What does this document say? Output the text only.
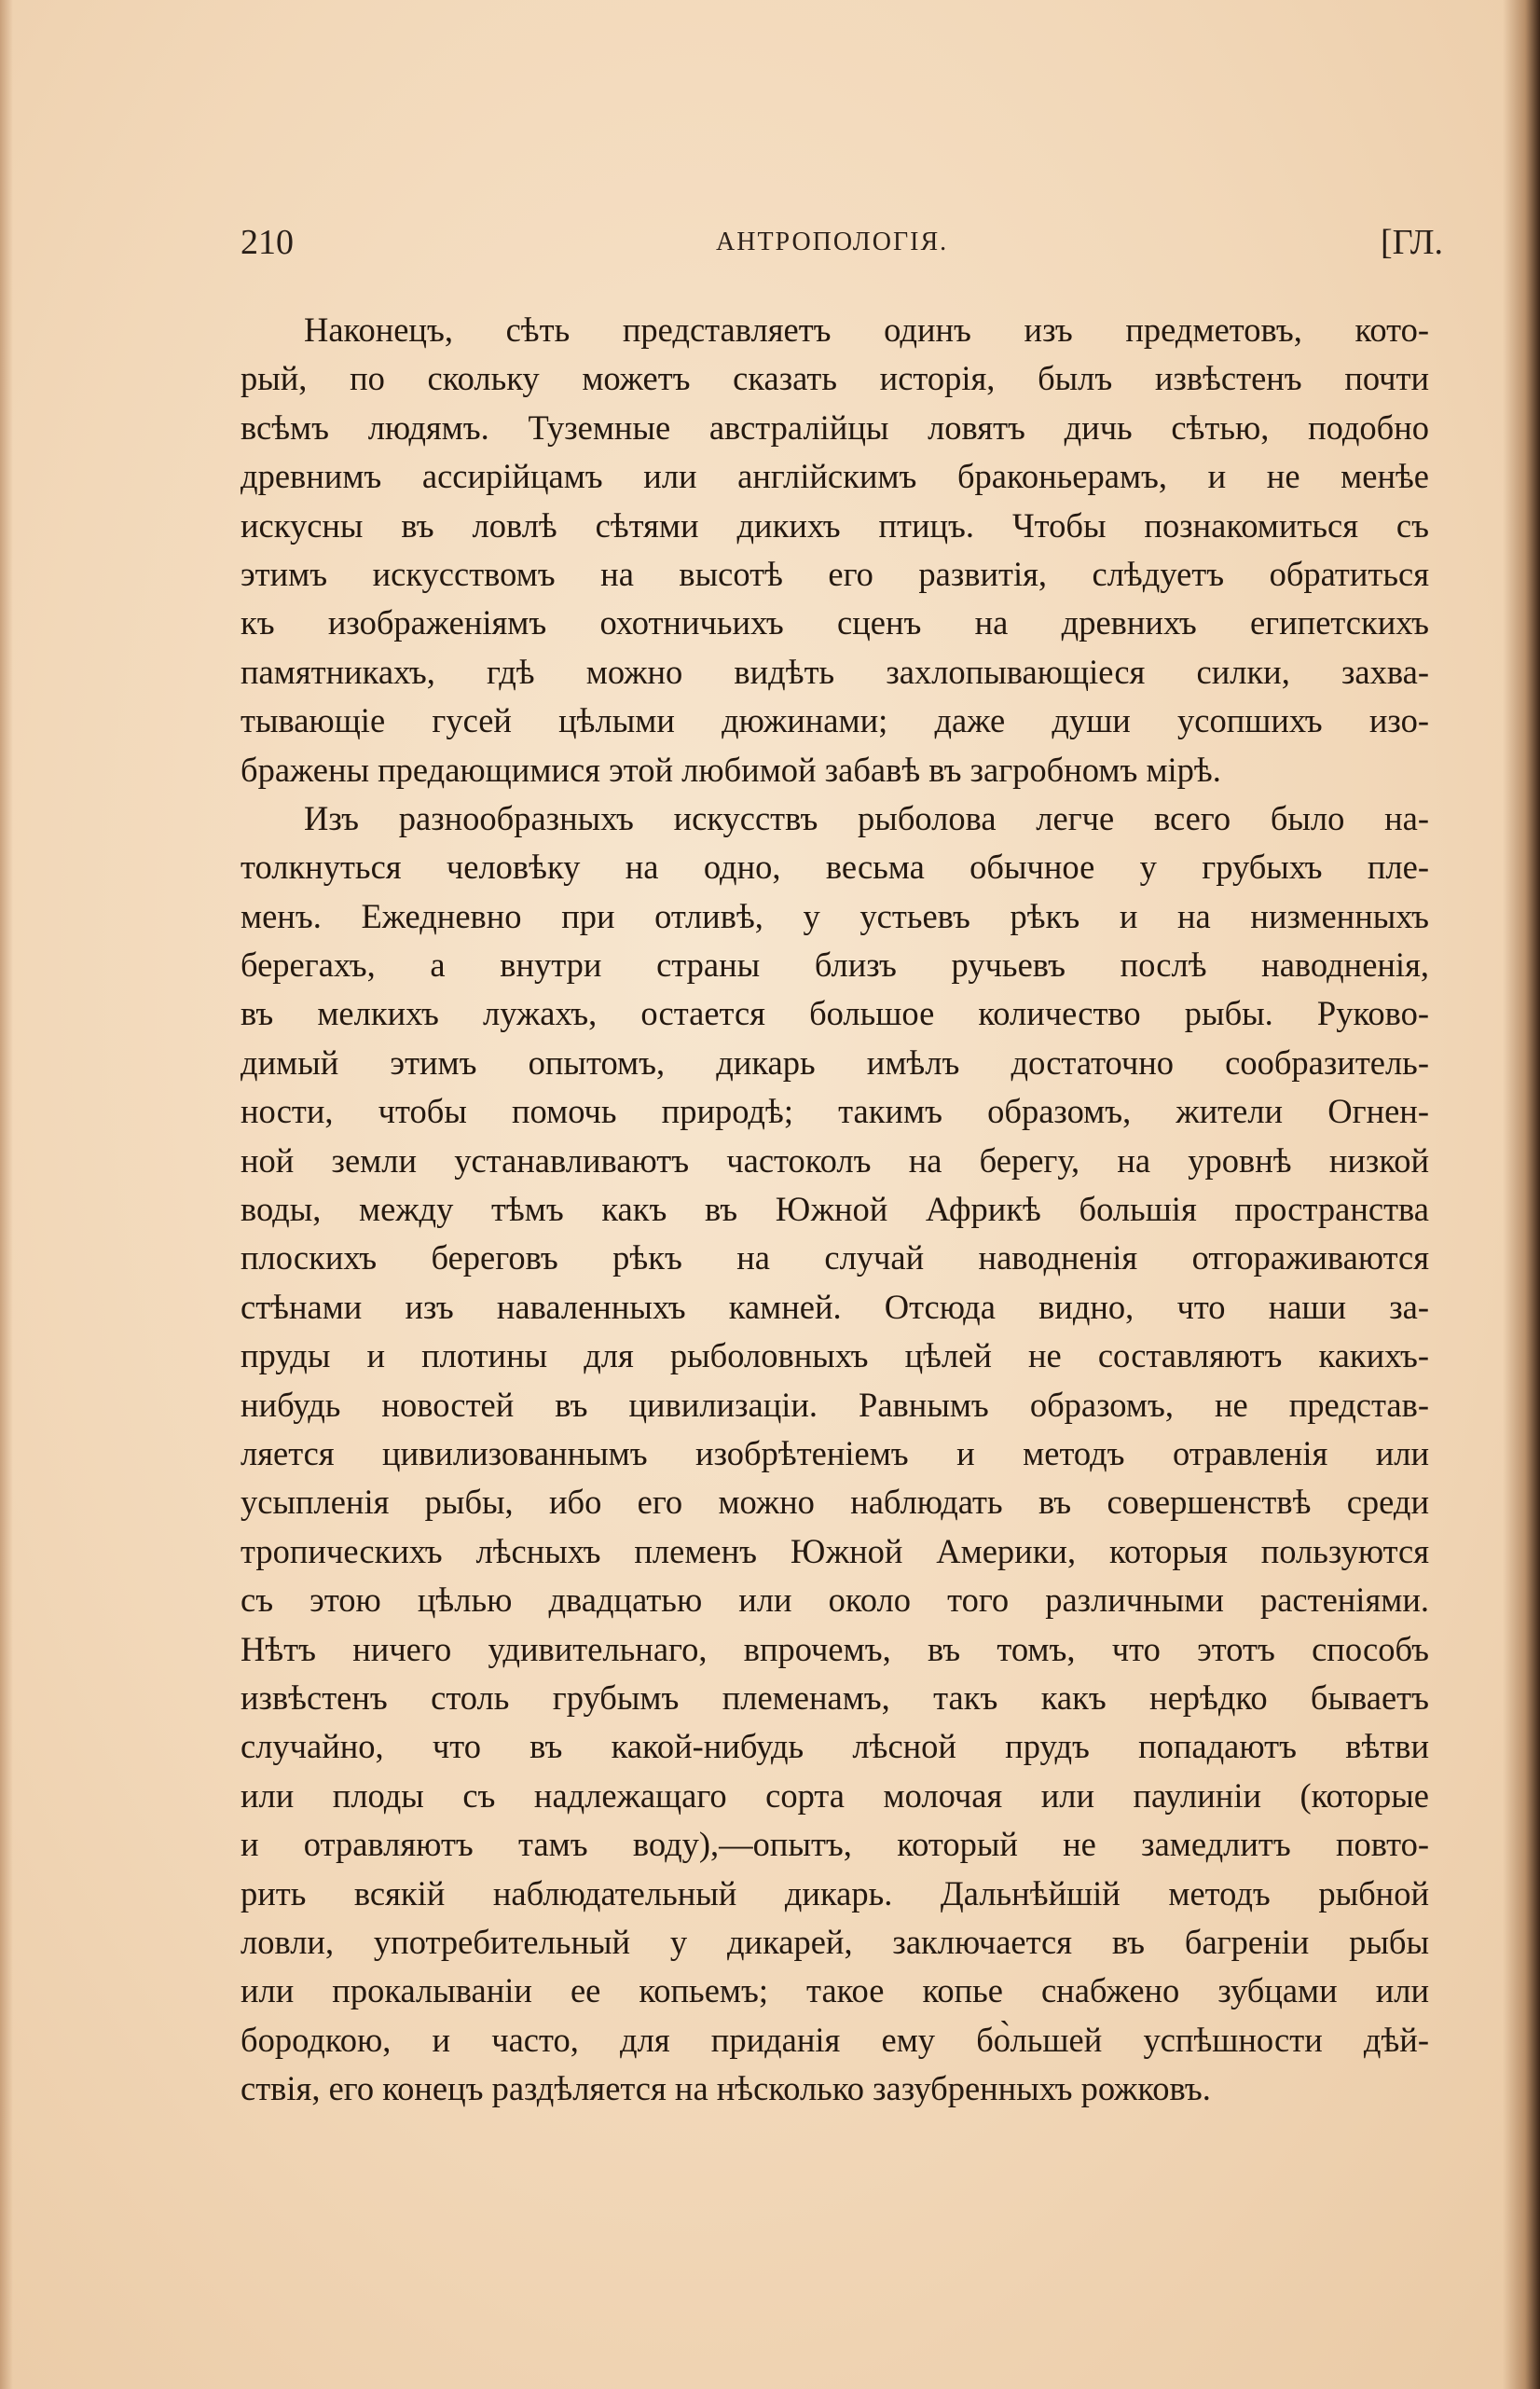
210	АНТРОПОЛОГІЯ.	[ГЛ.
Наконецъ, сѣть представляетъ одинъ изъ предметовъ, кото-
рый, по скольку можетъ сказать исторія, былъ извѣстенъ почти
всѣмъ людямъ. Туземные австралійцы ловятъ дичь сѣтью, подобно
древнимъ ассирійцамъ или англійскимъ браконьерамъ, и не менѣе
искусны въ ловлѣ сѣтями дикихъ птицъ. Чтобы познакомиться съ
этимъ искусствомъ на высотѣ его развитія, слѣдуетъ обратиться
къ изображеніямъ охотничьихъ сценъ на древнихъ египетскихъ
памятникахъ, гдѣ можно видѣть захлопывающіеся силки, захва-
тывающіе гусей цѣлыми дюжинами; даже души усопшихъ изо-
бражены предающимися этой любимой забавѣ въ загробномъ мірѣ.
Изъ разнообразныхъ искусствъ рыболова легче всего было на-
толкнуться человѣку на одно, весьма обычное у грубыхъ пле-
менъ. Ежедневно при отливѣ, у устьевъ рѣкъ и на низменныхъ
берегахъ, а внутри страны близъ ручьевъ послѣ наводненія,
въ мелкихъ лужахъ, остается большое количество рыбы. Руково-
димый этимъ опытомъ, дикарь имѣлъ достаточно сообразитель-
ности, чтобы помочь природѣ; такимъ образомъ, жители Огнен-
ной земли устанавливаютъ частоколъ на берегу, на уровнѣ низкой
воды, между тѣмъ какъ въ Южной Африкѣ большія пространства
плоскихъ береговъ рѣкъ на случай наводненія отгораживаются
стѣнами изъ наваленныхъ камней. Отсюда видно, что наши за-
пруды и плотины для рыболовныхъ цѣлей не составляютъ какихъ-
нибудь новостей въ цивилизаціи. Равнымъ образомъ, не представ-
ляется цивилизованнымъ изобрѣтеніемъ и методъ отравленія или
усыпленія рыбы, ибо его можно наблюдать въ совершенствѣ среди
тропическихъ лѣсныхъ племенъ Южной Америки, которыя пользуются
съ этою цѣлью двадцатью или около того различными растеніями.
Нѣтъ ничего удивительнаго, впрочемъ, въ томъ, что этотъ способъ
извѣстенъ столь грубымъ племенамъ, такъ какъ нерѣдко бываетъ
случайно, что въ какой-нибудь лѣсной прудъ попадаютъ вѣтви
или плоды съ надлежащаго сорта молочая или паулиніи (которые
и отравляютъ тамъ воду),—опытъ, который не замедлитъ повто-
рить всякій наблюдательный дикарь. Дальнѣйшій методъ рыбной
ловли, употребительный у дикарей, заключается въ багреніи рыбы
или прокалываніи ее копьемъ; такое копье снабжено зубцами или
бородкою, и часто, для приданія ему бо̀льшей успѣшности дѣй-
ствія, его конецъ раздѣляется на нѣсколько зазубренныхъ рожковъ.
